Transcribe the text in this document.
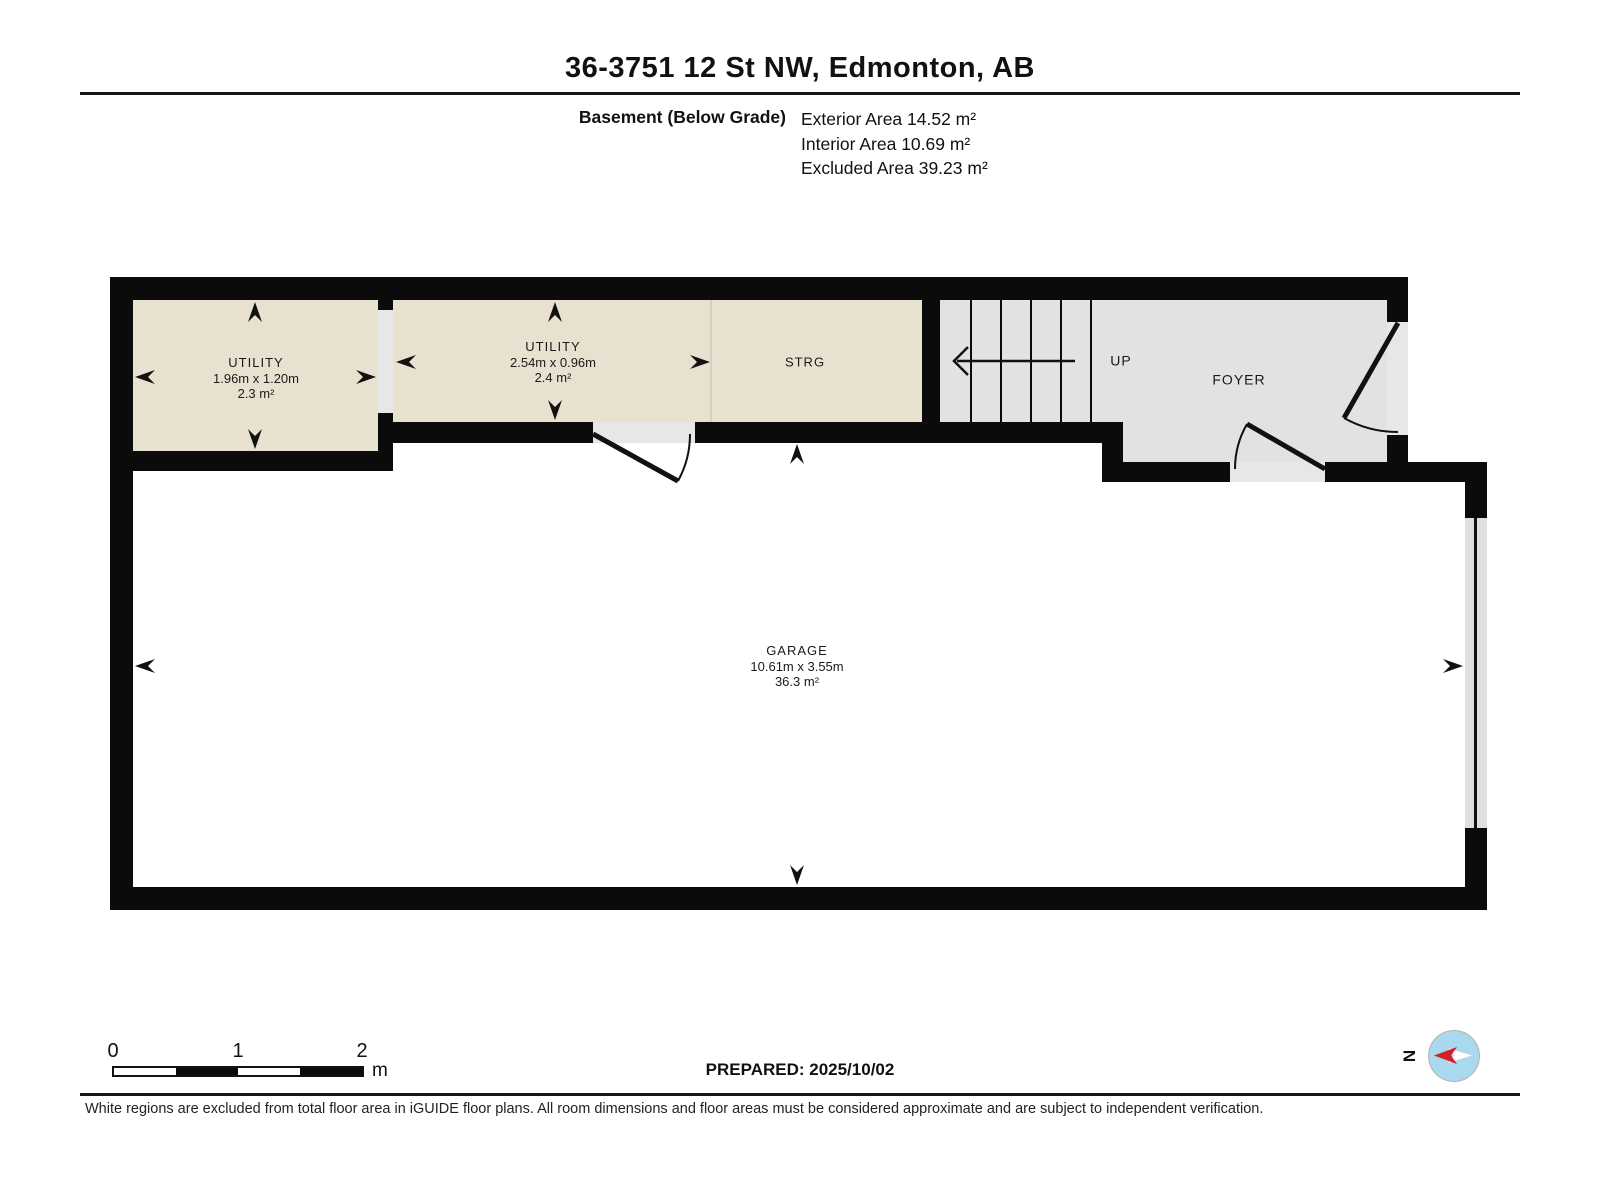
36-3751 12 St NW, Edmonton, AB
Basement (Below Grade) Exterior Area 14.52 m²
Interior Area 10.69 m²
Excluded Area 39.23 m²
UTILITY
1.96m x 1.20m
2.3 m²
UTILITY
2.54m x 0.96m
2.4 m²
STRG	UP
FOYER
GARAGE
10.61m x 3.55m
36.3 m²
0	1	2
m	PREPARED: 2025/10/02
N
White regions are excluded from total floor area in iGUIDE floor plans. All room dimensions and floor areas must be considered approximate and are subject to independent verification.
